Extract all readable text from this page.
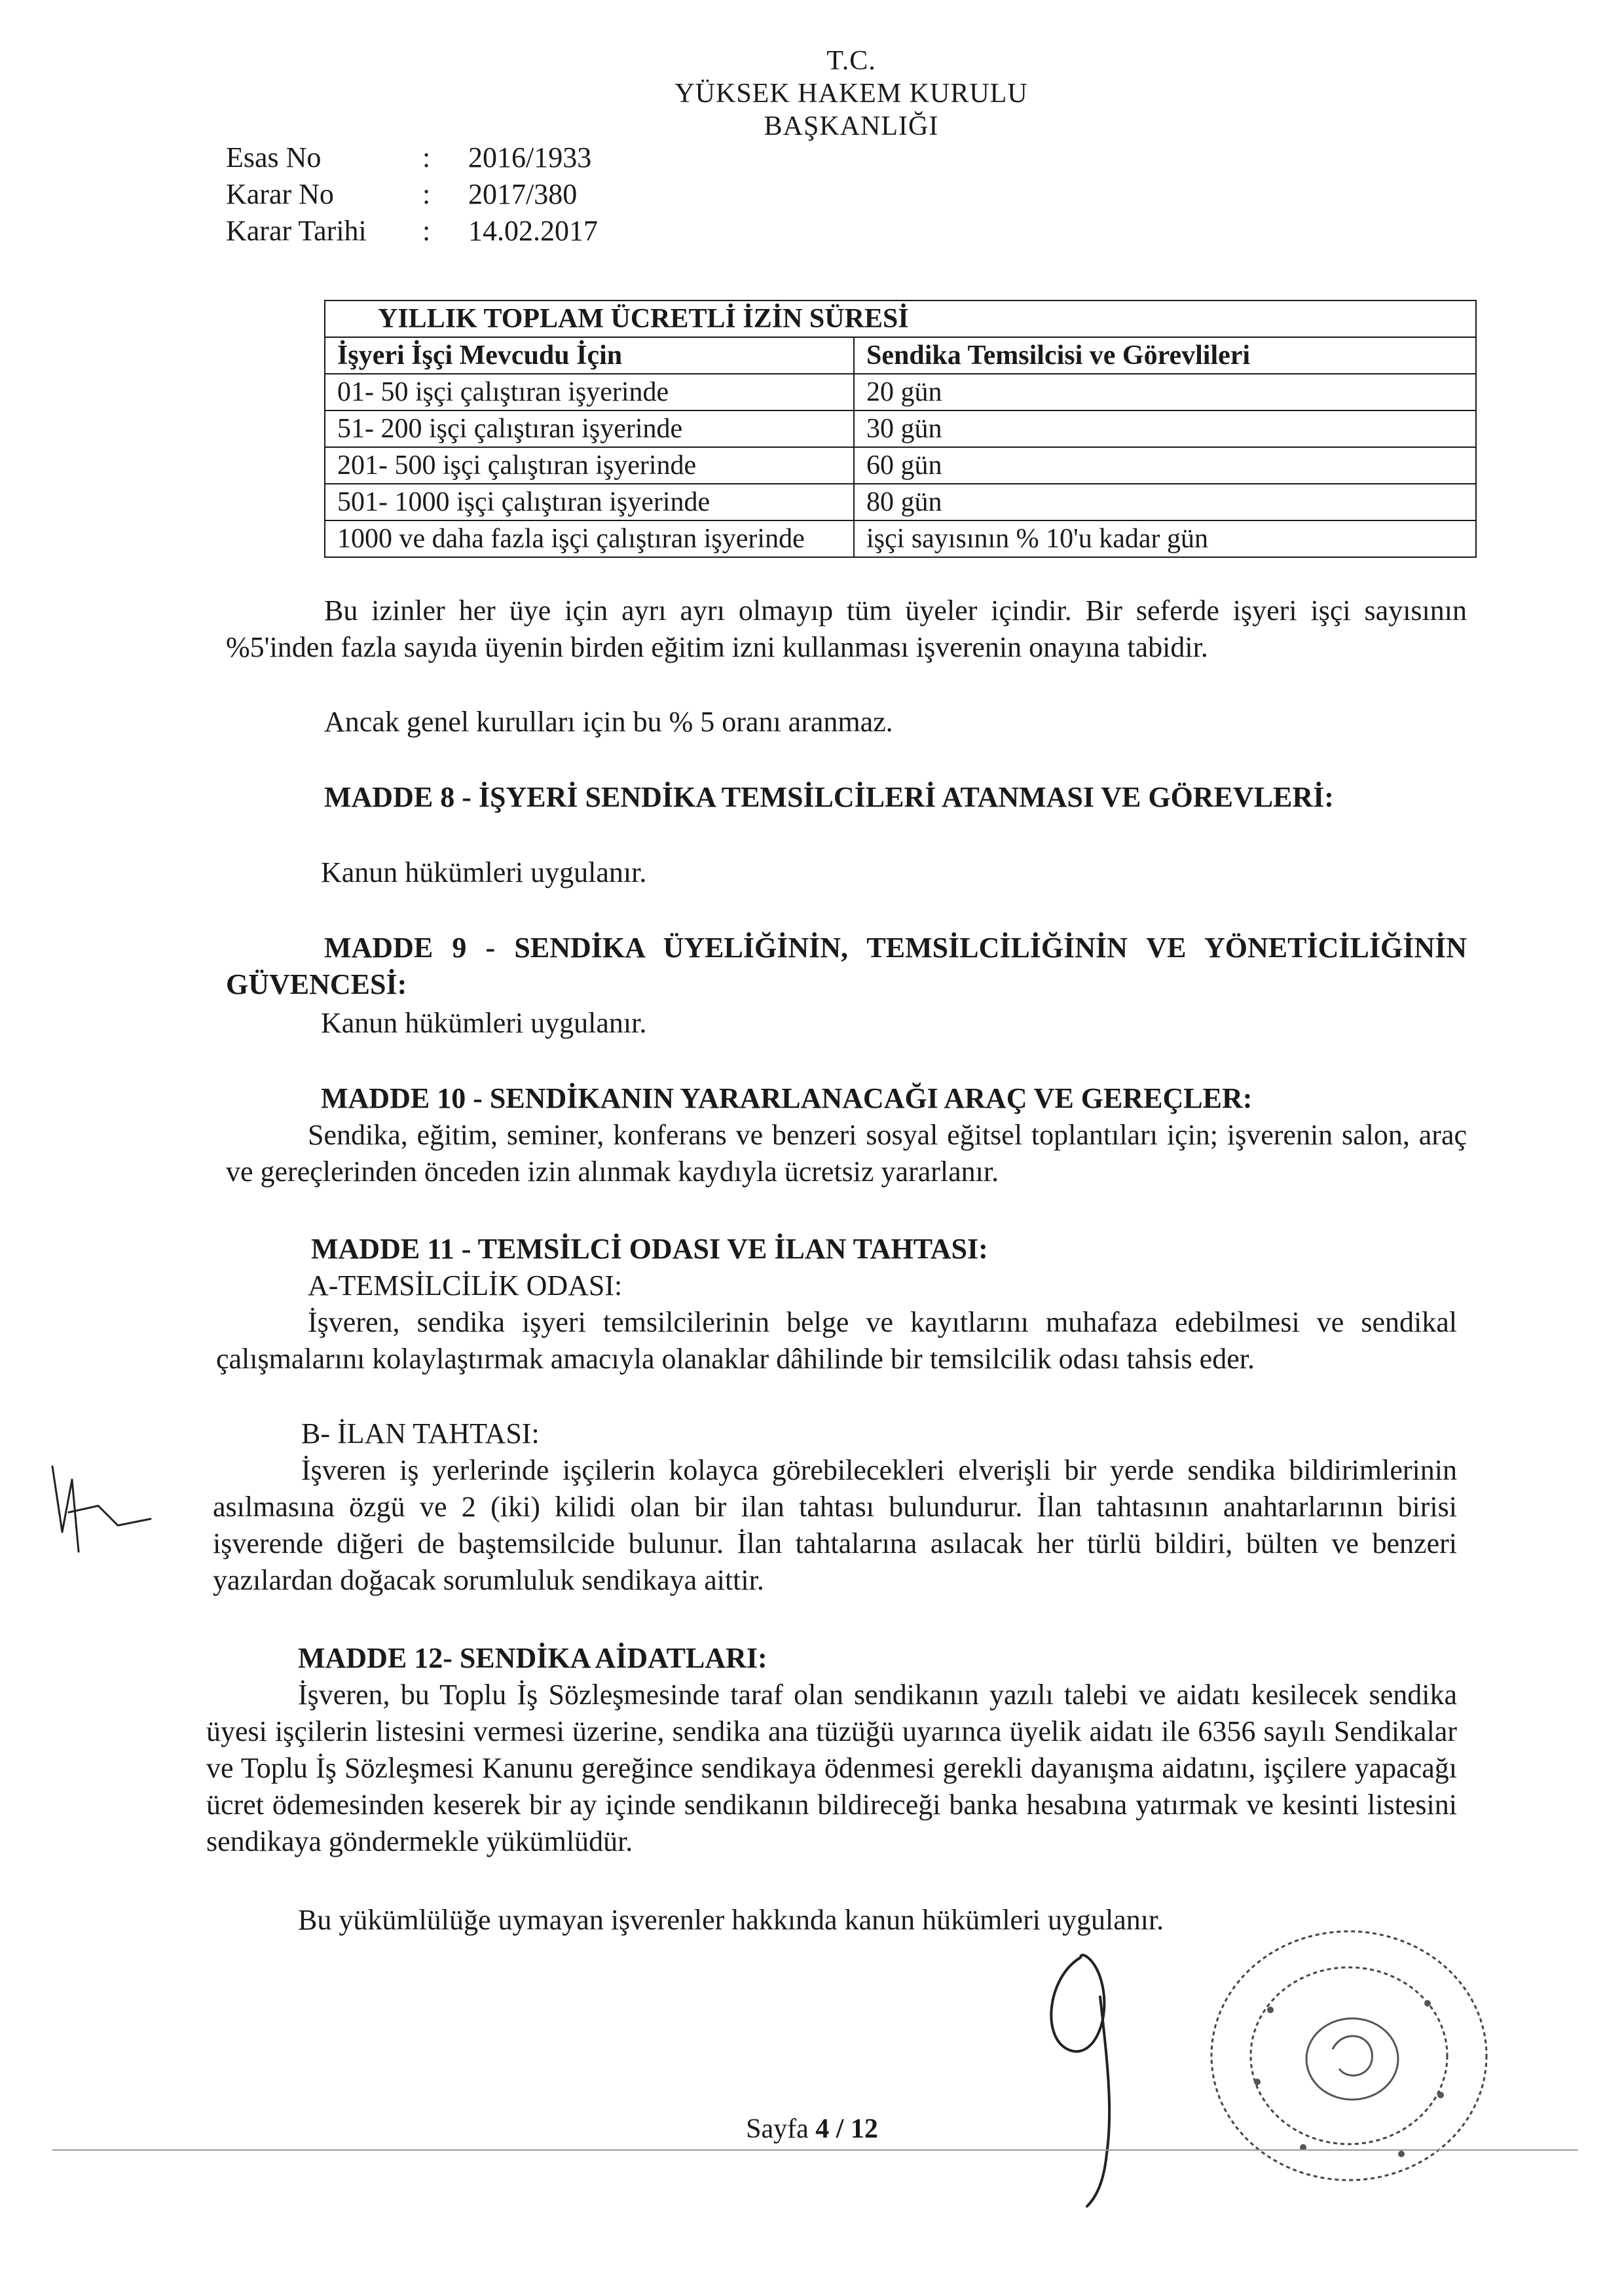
T.C.
YÜKSEK HAKEM KURULU
BAŞKANLIĞI
Esas No	: 2016/1933
Karar No	: 2017/380
Karar Tarihi : 14.02.2017
YILLIK TOPLAM ÜCRETLİ İZİN SÜRESİ	
İşyeri İşçi Mevcudu İçin	Sendika Temsilcisi ve Görevlileri
01- 50 işçi çalıştıran işyerinde	20 gün
51- 200 işçi çalıştıran işyerinde	30 gün
201- 500 işçi çalıştıran işyerinde	60 gün
501- 1000 işçi çalıştıran işyerinde	80 gün
1000 ve daha fazla işçi çalıştıran işyerinde	işçi sayısının % 10'u kadar gün
Bu izinler her üye için ayrı ayrı olmayıp tüm üyeler içindir. Bir seferde işyeri işçi sayısının %5'inden fazla sayıda üyenin birden eğitim izni kullanması işverenin onayına tabidir.
Ancak genel kurulları için bu % 5 oranı aranmaz.
MADDE 8 - İŞYERİ SENDİKA TEMSİLCİLERİ ATANMASI VE GÖREVLERİ:
Kanun hükümleri uygulanır.
MADDE 9 - SENDİKA ÜYELİĞİNİN, TEMSİLCİLİĞİNİN VE YÖNETİCİLİĞİNİN GÜVENCESİ:
Kanun hükümleri uygulanır.
MADDE 10 - SENDİKANIN YARARLANACAĞI ARAÇ VE GEREÇLER:
Sendika, eğitim, seminer, konferans ve benzeri sosyal eğitsel toplantıları için; işverenin salon, araç ve gereçlerinden önceden izin alınmak kaydıyla ücretsiz yararlanır.
MADDE 11 - TEMSİLCİ ODASI VE İLAN TAHTASI:
A-TEMSİLCİLİK ODASI:
İşveren, sendika işyeri temsilcilerinin belge ve kayıtlarını muhafaza edebilmesi ve sendikal çalışmalarını kolaylaştırmak amacıyla olanaklar dâhilinde bir temsilcilik odası tahsis eder.
B- İLAN TAHTASI:
İşveren iş yerlerinde işçilerin kolayca görebilecekleri elverişli bir yerde sendika bildirimlerinin asılmasına özgü ve 2 (iki) kilidi olan bir ilan tahtası bulundurur. İlan tahtasının anahtarlarının birisi işverende diğeri de baştemsilcide bulunur. İlan tahtalarına asılacak her türlü bildiri, bülten ve benzeri yazılardan doğacak sorumluluk sendikaya aittir.
MADDE 12- SENDİKA AİDATLARI:
İşveren, bu Toplu İş Sözleşmesinde taraf olan sendikanın yazılı talebi ve aidatı kesilecek sendika üyesi işçilerin listesini vermesi üzerine, sendika ana tüzüğü uyarınca üyelik aidatı ile 6356 sayılı Sendikalar ve Toplu İş Sözleşmesi Kanunu gereğince sendikaya ödenmesi gerekli dayanışma aidatını, işçilere yapacağı ücret ödemesinden keserek bir ay içinde sendikanın bildireceği banka hesabına yatırmak ve kesinti listesini sendikaya göndermekle yükümlüdür.
Bu yükümlülüğe uymayan işverenler hakkında kanun hükümleri uygulanır.
Sayfa 4 / 12
